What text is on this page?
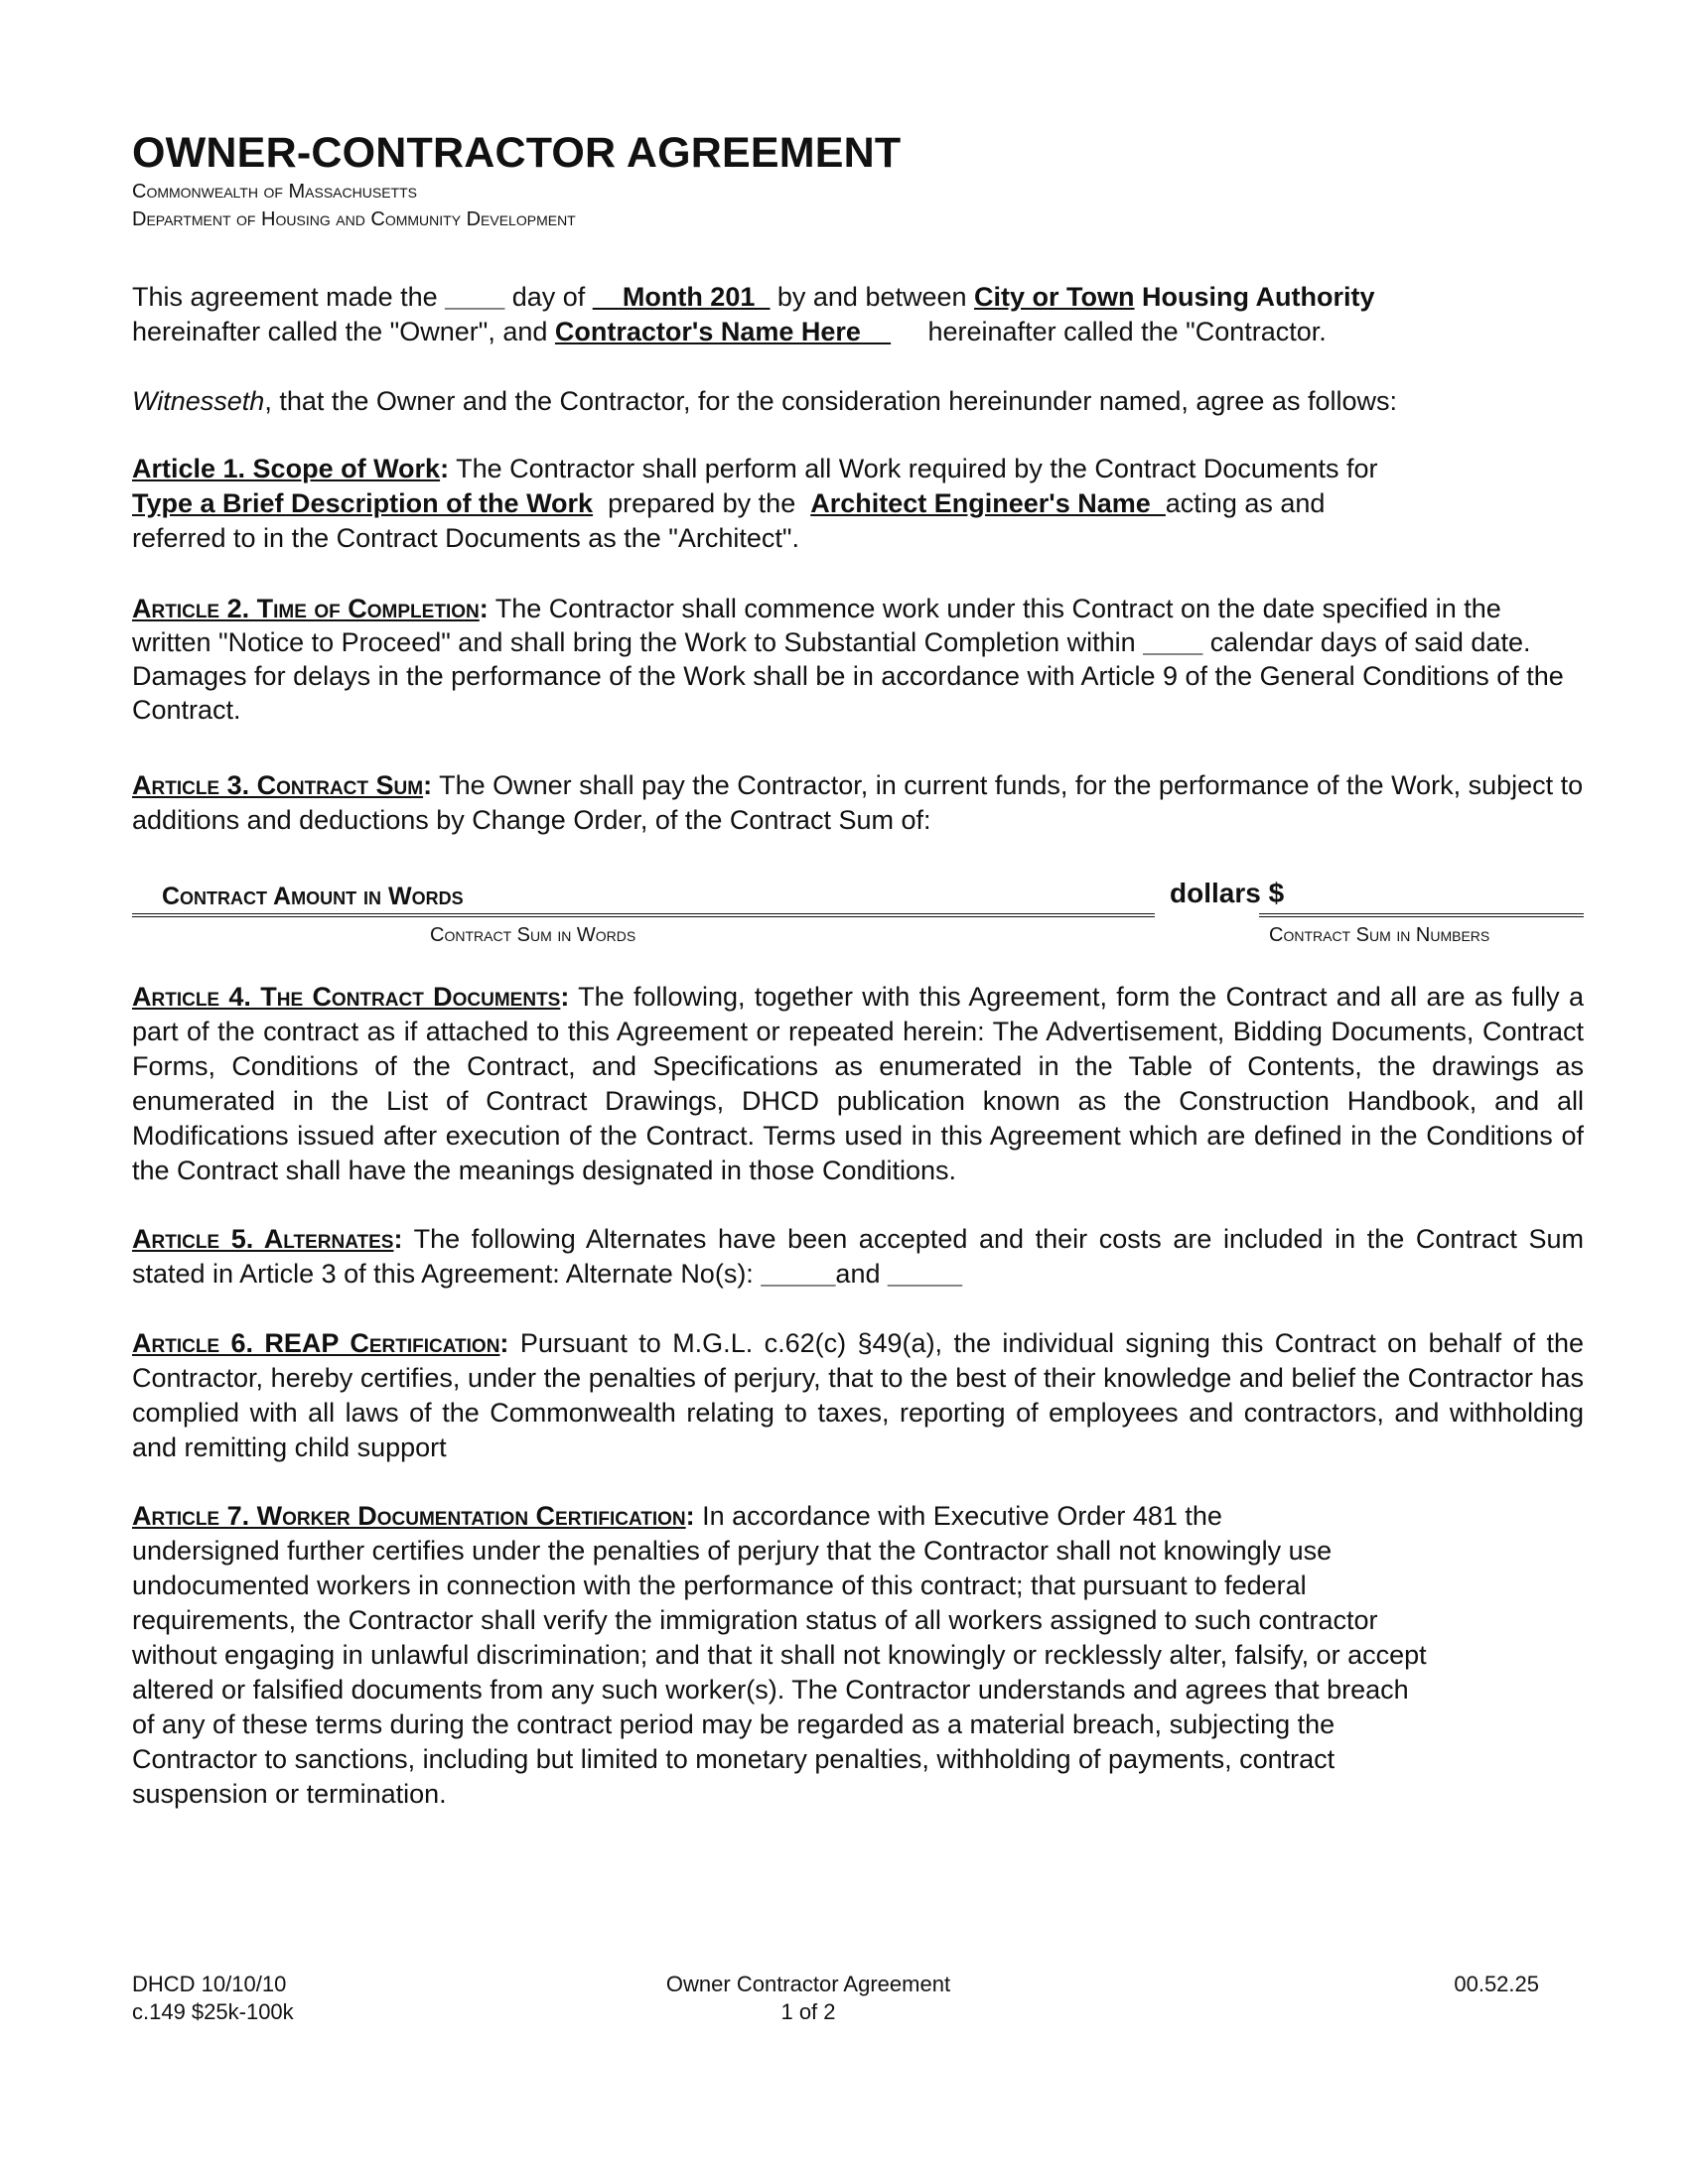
OWNER-CONTRACTOR AGREEMENT

Commonwealth of Massachusetts

Department of Housing and Community Development

This agreement made the ____ day of __Month 201_ by and between City or Town Housing Authority
hereinafter called the "Owner", and Contractor's Name Here__     hereinafter called the "Contractor.

Witnesseth, that the Owner and the Contractor, for the consideration hereinunder named, agree as follows:

Article 1. Scope of Work: The Contractor shall perform all Work required by the Contract Documents for
Type a Brief Description of the Work  prepared by the  Architect Engineer's Name_acting as and
referred to in the Contract Documents as the "Architect".

Article 2. Time of Completion: The Contractor shall commence work under this Contract on the date specified in the written "Notice to Proceed" and shall bring the Work to Substantial Completion within ____ calendar days of said date. Damages for delays in the performance of the Work shall be in accordance with Article 9 of the General Conditions of the Contract.

Article 3. Contract Sum: The Owner shall pay the Contractor, in current funds, for the performance of the Work, subject to additions and deductions by Change Order, of the Contract Sum of:

Contract Amount in Words	dollars $
Contract Sum in Words	Contract Sum in Numbers

Article 4. The Contract Documents: The following, together with this Agreement, form the Contract and all are as fully a part of the contract as if attached to this Agreement or repeated herein: The Advertisement, Bidding Documents, Contract Forms, Conditions of the Contract, and Specifications as enumerated in the Table of Contents, the drawings as enumerated in the List of Contract Drawings, DHCD publication known as the Construction Handbook, and all Modifications issued after execution of the Contract. Terms used in this Agreement which are defined in the Conditions of the Contract shall have the meanings designated in those Conditions.

Article 5. Alternates: The following Alternates have been accepted and their costs are included in the Contract Sum stated in Article 3 of this Agreement: Alternate No(s): _____and _____

Article 6. REAP Certification: Pursuant to M.G.L. c.62(c) §49(a), the individual signing this Contract on behalf of the Contractor, hereby certifies, under the penalties of perjury, that to the best of their knowledge and belief the Contractor has complied with all laws of the Commonwealth relating to taxes, reporting of employees and contractors, and withholding and remitting child support

Article 7. Worker Documentation Certification: In accordance with Executive Order 481 the
undersigned further certifies under the penalties of perjury that the Contractor shall not knowingly use
undocumented workers in connection with the performance of this contract; that pursuant to federal
requirements, the Contractor shall verify the immigration status of all workers assigned to such contractor
without engaging in unlawful discrimination; and that it shall not knowingly or recklessly alter, falsify, or accept
altered or falsified documents from any such worker(s). The Contractor understands and agrees that breach
of any of these terms during the contract period may be regarded as a material breach, subjecting the
Contractor to sanctions, including but limited to monetary penalties, withholding of payments, contract
suspension or termination.

DHCD 10/10/10
c.149 $25k-100k
Owner Contractor Agreement
1 of 2
00.52.25
